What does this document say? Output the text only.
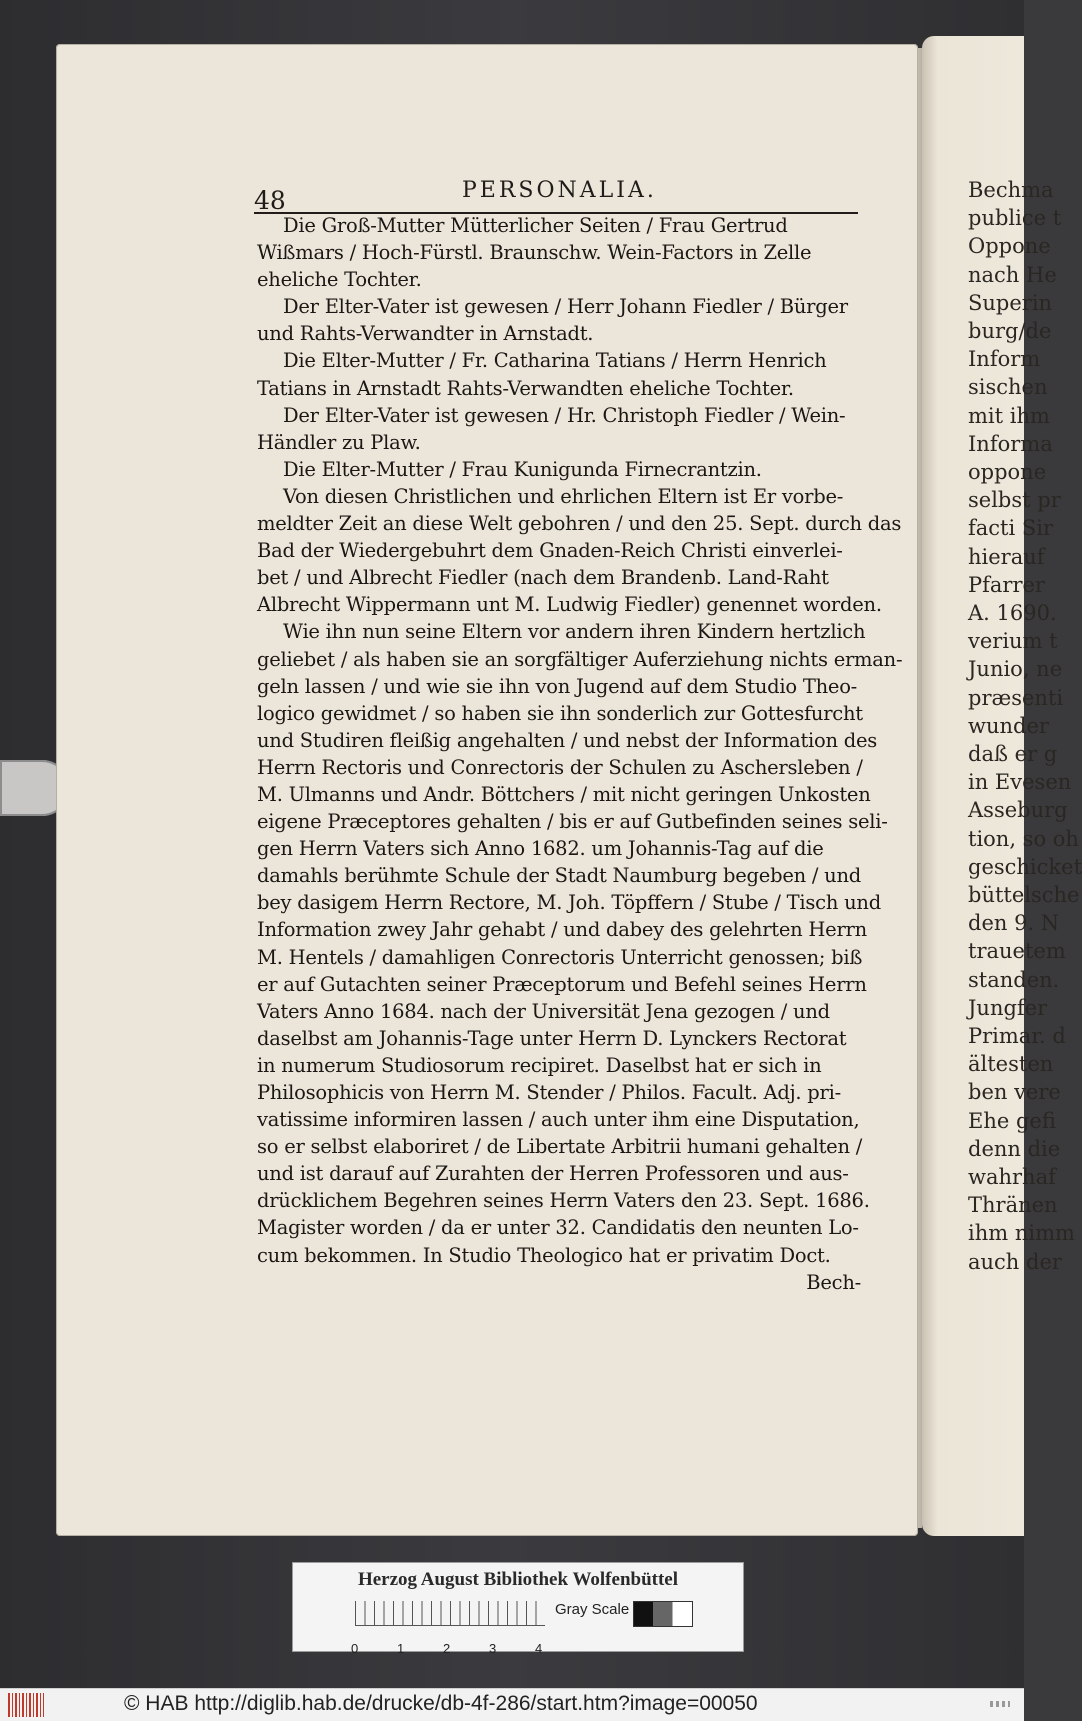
Bechma
publice t
Oppone
nach He
Superin
burg/de
Inform
sischen
mit ihm
Informa
oppone
selbst pr
facti Sir
hierauf
Pfarrer
A. 1690.
verium t
Junio, ne
præsenti
wunder
daß er g
in Evesen
Asseburg
tion, so oh
geschicket
büttelsche
den 9. N
trauetem
standen.
Jungfer
Primar. d
ältesten
ben vere
Ehe gefi
denn die
wahrhaf
Thränen
ihm nimm
auch der
48	PERSONALIA.
Die Groß-Mutter Mütterlicher Seiten / Frau Gertrud
Wißmars / Hoch-Fürstl. Braunschw. Wein-Factors in Zelle
eheliche Tochter.
Der Elter-Vater ist gewesen / Herr Johann Fiedler / Bürger
und Rahts-Verwandter in Arnstadt.
Die Elter-Mutter / Fr. Catharina Tatians / Herrn Henrich
Tatians in Arnstadt Rahts-Verwandten eheliche Tochter.
Der Elter-Vater ist gewesen / Hr. Christoph Fiedler / Wein-
Händler zu Plaw.
Die Elter-Mutter / Frau Kunigunda Firnecrantzin.
Von diesen Christlichen und ehrlichen Eltern ist Er vorbe-
meldter Zeit an diese Welt gebohren / und den 25. Sept. durch das
Bad der Wiedergebuhrt dem Gnaden-Reich Christi einverlei-
bet / und Albrecht Fiedler (nach dem Brandenb. Land-Raht
Albrecht Wippermann unt M. Ludwig Fiedler) genennet worden.
Wie ihn nun seine Eltern vor andern ihren Kindern hertzlich
geliebet / als haben sie an sorgfältiger Auferziehung nichts erman-
geln lassen / und wie sie ihn von Jugend auf dem Studio Theo-
logico gewidmet / so haben sie ihn sonderlich zur Gottesfurcht
und Studiren fleißig angehalten / und nebst der Information des
Herrn Rectoris und Conrectoris der Schulen zu Aschersleben /
M. Ulmanns und Andr. Böttchers / mit nicht geringen Unkosten
eigene Præceptores gehalten / bis er auf Gutbefinden seines seli-
gen Herrn Vaters sich Anno 1682. um Johannis-Tag auf die
damahls berühmte Schule der Stadt Naumburg begeben / und
bey dasigem Herrn Rectore, M. Joh. Töpffern / Stube / Tisch und
Information zwey Jahr gehabt / und dabey des gelehrten Herrn
M. Hentels / damahligen Conrectoris Unterricht genossen; biß
er auf Gutachten seiner Præceptorum und Befehl seines Herrn
Vaters Anno 1684. nach der Universität Jena gezogen / und
daselbst am Johannis-Tage unter Herrn D. Lynckers Rectorat
in numerum Studiosorum recipiret. Daselbst hat er sich in
Philosophicis von Herrn M. Stender / Philos. Facult. Adj. pri-
vatissime informiren lassen / auch unter ihm eine Disputation,
so er selbst elaboriret / de Libertate Arbitrii humani gehalten /
und ist darauf auf Zurahten der Herren Professoren und aus-
drücklichem Begehren seines Herrn Vaters den 23. Sept. 1686.
Magister worden / da er unter 32. Candidatis den neunten Lo-
cum bekommen. In Studio Theologico hat er privatim Doct.
Bech-
Herzog August Bibliothek Wolfenbüttel
0	1	2	3	4
Gray Scale
© HAB http://diglib.hab.de/drucke/db-4f-286/start.htm?image=00050
